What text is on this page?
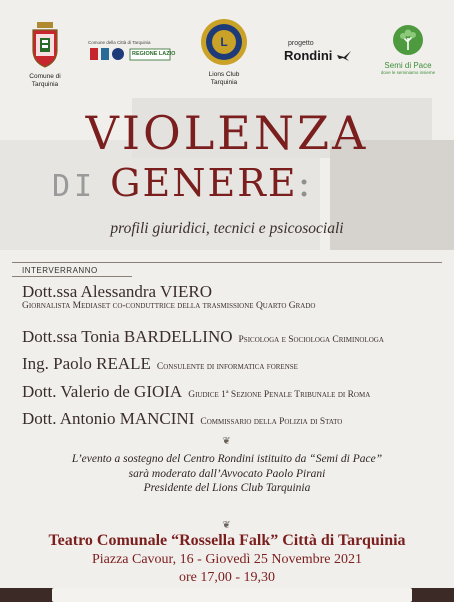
Comune di
Tarquinia
Comune della Città di Tarquinia
REGIONE LAZIO
L
Lions Club
Tarquinia
progetto
Rondini
Semi di Pace
dove le seminiamo insieme
VIOLENZA
DI GENERE:
profili giuridici, tecnici e psicosociali
INTERVERRANNO
Dott.ssa Alessandra VIERO
Giornalista Mediaset co-conduttrice della trasmissione Quarto Grado
Dott.ssa Tonia BARDELLINO Psicologa e Sociologa Criminologa
Ing. Paolo REALE Consulente di informatica forense
Dott. Valerio de GIOIA Giudice 1ª Sezione Penale Tribunale di Roma
Dott. Antonio MANCINI Commissario della Polizia di Stato
❦
L’evento a sostegno del Centro Rondini istituito da “Semi di Pace”
sarà moderato dall’Avvocato Paolo Pirani
Presidente del Lions Club Tarquinia
❦
Teatro Comunale “Rossella Falk” Città di Tarquinia
Piazza Cavour, 16 - Giovedì 25 Novembre 2021
ore 17,00 - 19,30
